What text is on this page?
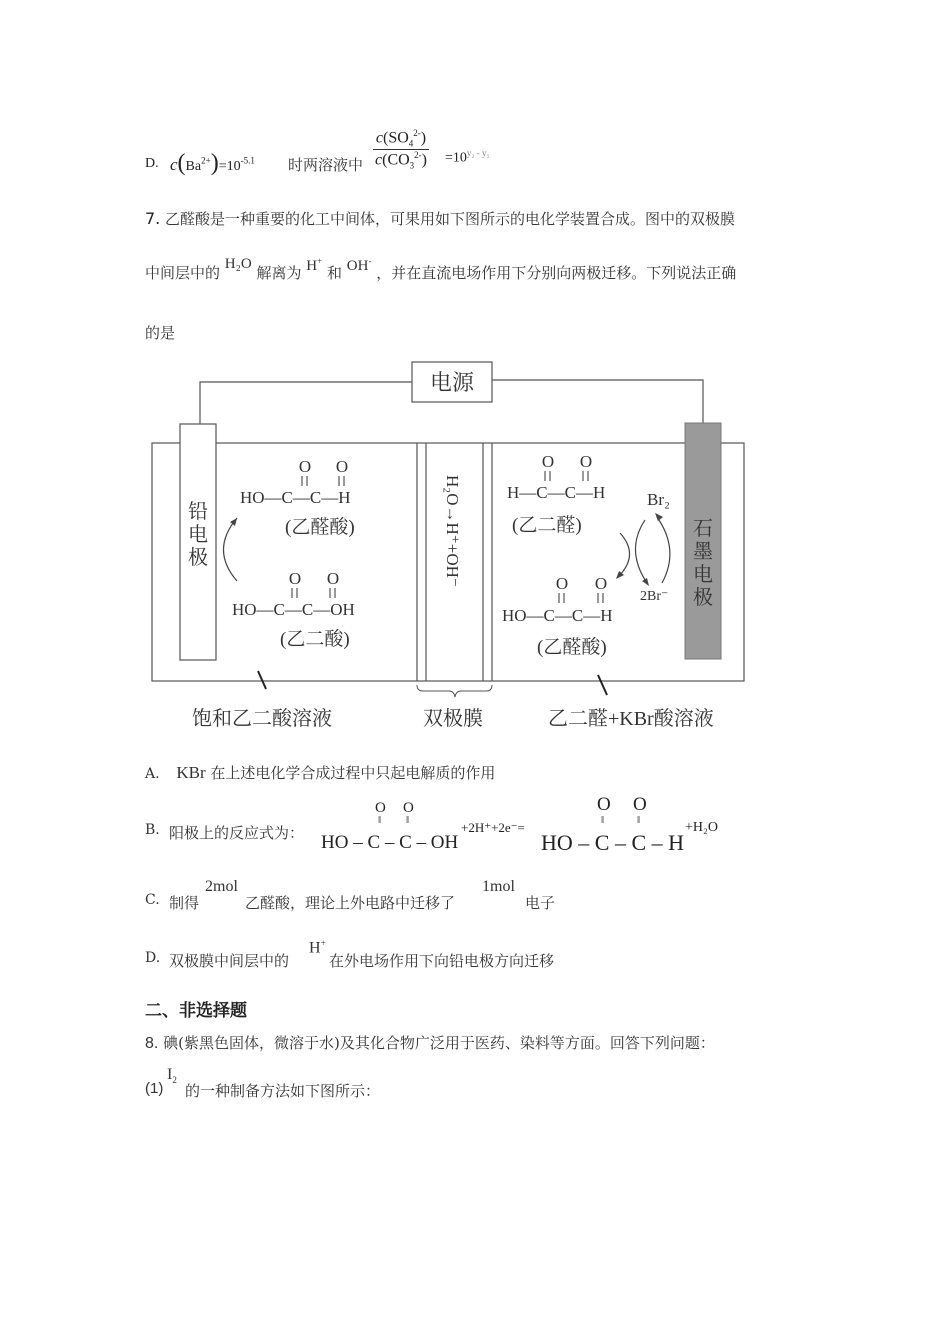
D. $c(Ba^{2+})=10^{-5.1}$ 时两溶液中 $\frac{c(SO_4^{2-})}{c(CO_3^{2-})} =10^{y_2 - y_1}$
7. 乙醛酸是一种重要的化工中间体，可果用如下图所示的电化学装置合成。图中的双极膜
中间层中的 H₂O 解离为 H+ 和 OH- ，并在直流电场作用下分别向两极迁移。下列说法正确
的是
电源
铅
电
极
石
墨
电
极
O O
HO—C—C—H
(乙醛酸)
O O
HO—C—C—OH
(乙二酸)
H₂O→H⁺+OH⁻
O O
H—C—C—H
(乙二醛)
Br₂
2Br⁻
O O
HO—C—C—H
(乙醛酸)
饱和乙二酸溶液	双极膜	乙二醛+KBr酸溶液
A. KBr 在上述电化学合成过程中只起电解质的作用
B. 阳极上的反应式为：
O O
‖ ‖
HO – C – C – OH
+2H⁺+2e⁻=
O O
‖	‖
HO – C – C – H
+H₂O
C. 制得
2mol
乙醛酸，理论上外电路中迁移了
1mol
电子
D. 双极膜中间层中的
H+
在外电场作用下向铅电极方向迁移
二、非选择题
8. 碘(紫黑色固体，微溶于水)及其化合物广泛用于医药、染料等方面。回答下列问题：
(1)
$I_2$
的一种制备方法如下图所示：
